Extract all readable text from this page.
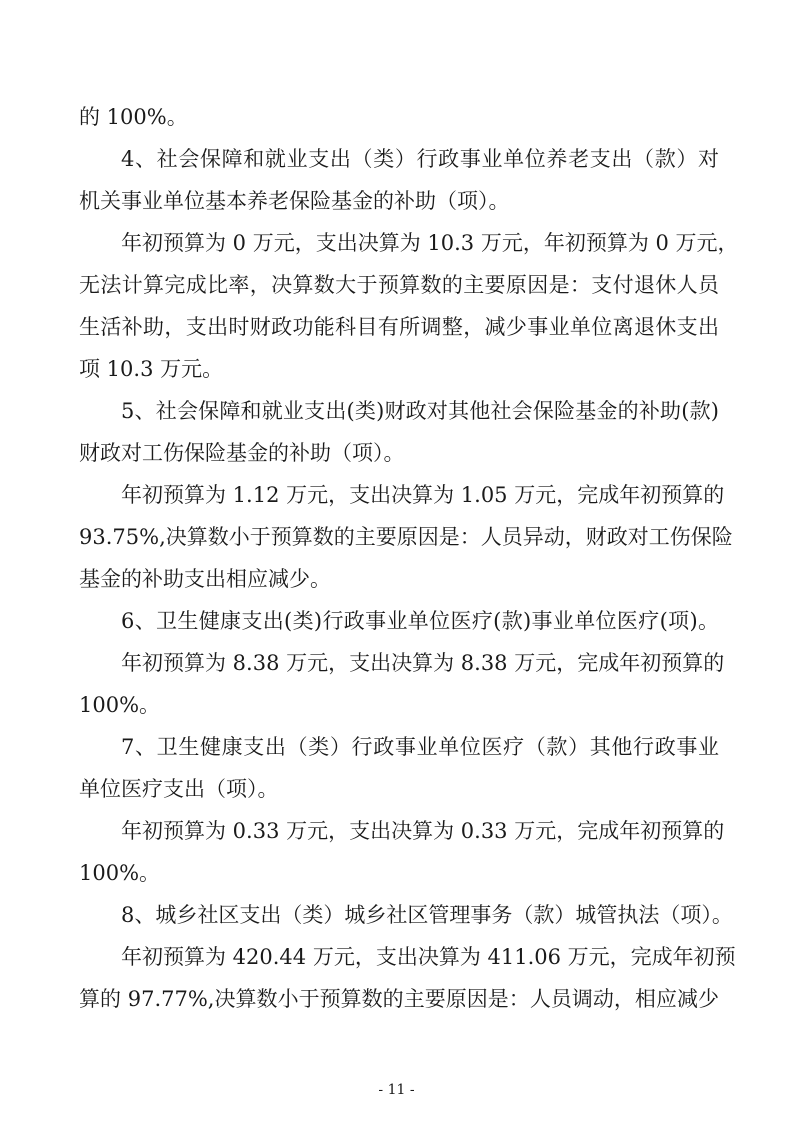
的 100%。

4、社会保障和就业支出（类）行政事业单位养老支出（款）对

机关事业单位基本养老保险基金的补助（项）。

年初预算为 0 万元，支出决算为 10.3 万元，年初预算为 0 万元，

无法计算完成比率，决算数大于预算数的主要原因是：支付退休人员

生活补助，支出时财政功能科目有所调整，减少事业单位离退休支出

项 10.3 万元。

5、社会保障和就业支出(类)财政对其他社会保险基金的补助(款)

财政对工伤保险基金的补助（项）。

年初预算为 1.12 万元，支出决算为 1.05 万元，完成年初预算的

93.75%,决算数小于预算数的主要原因是：人员异动，财政对工伤保险

基金的补助支出相应减少。

6、卫生健康支出(类)行政事业单位医疗(款)事业单位医疗(项)。

年初预算为 8.38 万元，支出决算为 8.38 万元，完成年初预算的

100%。

7、卫生健康支出（类）行政事业单位医疗（款）其他行政事业

单位医疗支出（项）。

年初预算为 0.33 万元，支出决算为 0.33 万元，完成年初预算的

100%。

8、城乡社区支出（类）城乡社区管理事务（款）城管执法（项）。

年初预算为 420.44 万元，支出决算为 411.06 万元，完成年初预

算的 97.77%,决算数小于预算数的主要原因是：人员调动，相应减少

- 11 -
